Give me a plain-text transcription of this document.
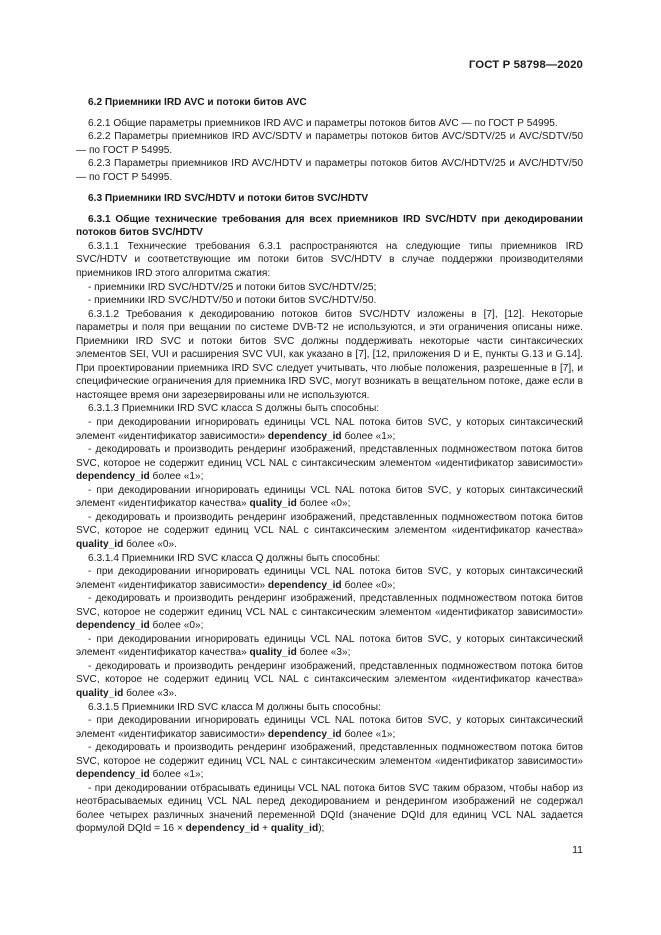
ГОСТ Р 58798—2020

6.2 Приемники IRD AVC и потоки битов AVC

6.2.1 Общие параметры приемников IRD AVC и параметры потоков битов AVC — по ГОСТ Р 54995.

6.2.2 Параметры приемников IRD AVC/SDTV и параметры потоков битов AVC/SDTV/25 и AVC/SDTV/50 — по ГОСТ Р 54995.

6.2.3 Параметры приемников IRD AVC/HDTV и параметры потоков битов AVC/HDTV/25 и AVC/HDTV/50 — по ГОСТ Р 54995.

6.3 Приемники IRD SVC/HDTV и потоки битов SVC/HDTV

6.3.1 Общие технические требования для всех приемников IRD SVC/HDTV при декодировании потоков битов SVC/HDTV

6.3.1.1 Технические требования 6.3.1 распространяются на следующие типы приемников IRD SVC/HDTV и соответствующие им потоки битов SVC/HDTV в случае поддержки производителями приемников IRD этого алгоритма сжатия:

- приемники IRD SVC/HDTV/25 и потоки битов SVC/HDTV/25;

- приемники IRD SVC/HDTV/50 и потоки битов SVC/HDTV/50.

6.3.1.2 Требования к декодированию потоков битов SVC/HDTV изложены в [7], [12]. Некоторые параметры и поля при вещании по системе DVB-T2 не используются, и эти ограничения описаны ниже. Приемники IRD SVC и потоки битов SVC должны поддерживать некоторые части синтаксических элементов SEI, VUI и расширения SVC VUI, как указано в [7], [12, приложения D и E, пункты G.13 и G.14]. При проектировании приемника IRD SVC следует учитывать, что любые положения, разрешенные в [7], и специфические ограничения для приемника IRD SVC, могут возникать в вещательном потоке, даже если в настоящее время они зарезервированы или не используются.

6.3.1.3 Приемники IRD SVC класса S должны быть способны:

- при декодировании игнорировать единицы VCL NAL потока битов SVC, у которых синтаксический элемент «идентификатор зависимости» dependency_id более «1»;

- декодировать и производить рендеринг изображений, представленных подмножеством потока битов SVC, которое не содержит единиц VCL NAL с синтаксическим элементом «идентификатор зависимости» dependency_id более «1»;

- при декодировании игнорировать единицы VCL NAL потока битов SVC, у которых синтаксический элемент «идентификатор качества» quality_id более «0»;

- декодировать и производить рендеринг изображений, представленных подмножеством потока битов SVC, которое не содержит единиц VCL NAL с синтаксическим элементом «идентификатор качества» quality_id более «0».

6.3.1.4 Приемники IRD SVC класса Q должны быть способны:

- при декодировании игнорировать единицы VCL NAL потока битов SVC, у которых синтаксический элемент «идентификатор зависимости» dependency_id более «0»;

- декодировать и производить рендеринг изображений, представленных подмножеством потока битов SVC, которое не содержит единиц VCL NAL с синтаксическим элементом «идентификатор зависимости» dependency_id более «0»;

- при декодировании игнорировать единицы VCL NAL потока битов SVC, у которых синтаксический элемент «идентификатор качества» quality_id более «3»;

- декодировать и производить рендеринг изображений, представленных подмножеством потока битов SVC, которое не содержит единиц VCL NAL с синтаксическим элементом «идентификатор качества» quality_id более «3».

6.3.1.5 Приемники IRD SVC класса M должны быть способны:

- при декодировании игнорировать единицы VCL NAL потока битов SVC, у которых синтаксический элемент «идентификатор зависимости» dependency_id более «1»;

- декодировать и производить рендеринг изображений, представленных подмножеством потока битов SVC, которое не содержит единиц VCL NAL с синтаксическим элементом «идентификатор зависимости» dependency_id более «1»;

- при декодировании отбрасывать единицы VCL NAL потока битов SVC таким образом, чтобы набор из неотбрасываемых единиц VCL NAL перед декодированием и рендерингом изображений не содержал более четырех различных значений переменной DQId (значение DQId для единиц VCL NAL задается формулой DQId = 16 × dependency_id + quality_id);

11
